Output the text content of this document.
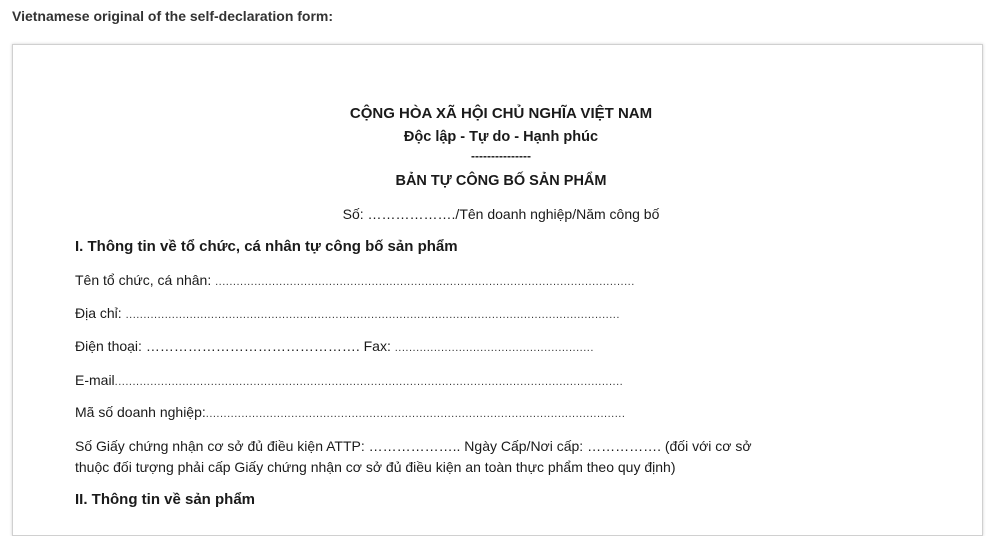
Vietnamese original of the self-declaration form:
CỘNG HÒA XÃ HỘI CHỦ NGHĨA VIỆT NAM
Độc lập - Tự do - Hạnh phúc
---------------
BẢN TỰ CÔNG BỐ SẢN PHẨM
Số: ………………./Tên doanh nghiệp/Năm công bố
I. Thông tin về tổ chức, cá nhân tự công bố sản phẩm
Tên tổ chức, cá nhân: ......................................................................................................................
Địa chỉ: ...........................................................................................................................................
Điện thoại: ………………………………………. Fax: ........................................................
E-mail...............................................................................................................................................
Mã số doanh nghiệp:......................................................................................................................
Số Giấy chứng nhận cơ sở đủ điều kiện ATTP: ……………….. Ngày Cấp/Nơi cấp: ……………. (đối với cơ sở
thuộc đối tượng phải cấp Giấy chứng nhận cơ sở đủ điều kiện an toàn thực phẩm theo quy định)
II. Thông tin về sản phẩm
